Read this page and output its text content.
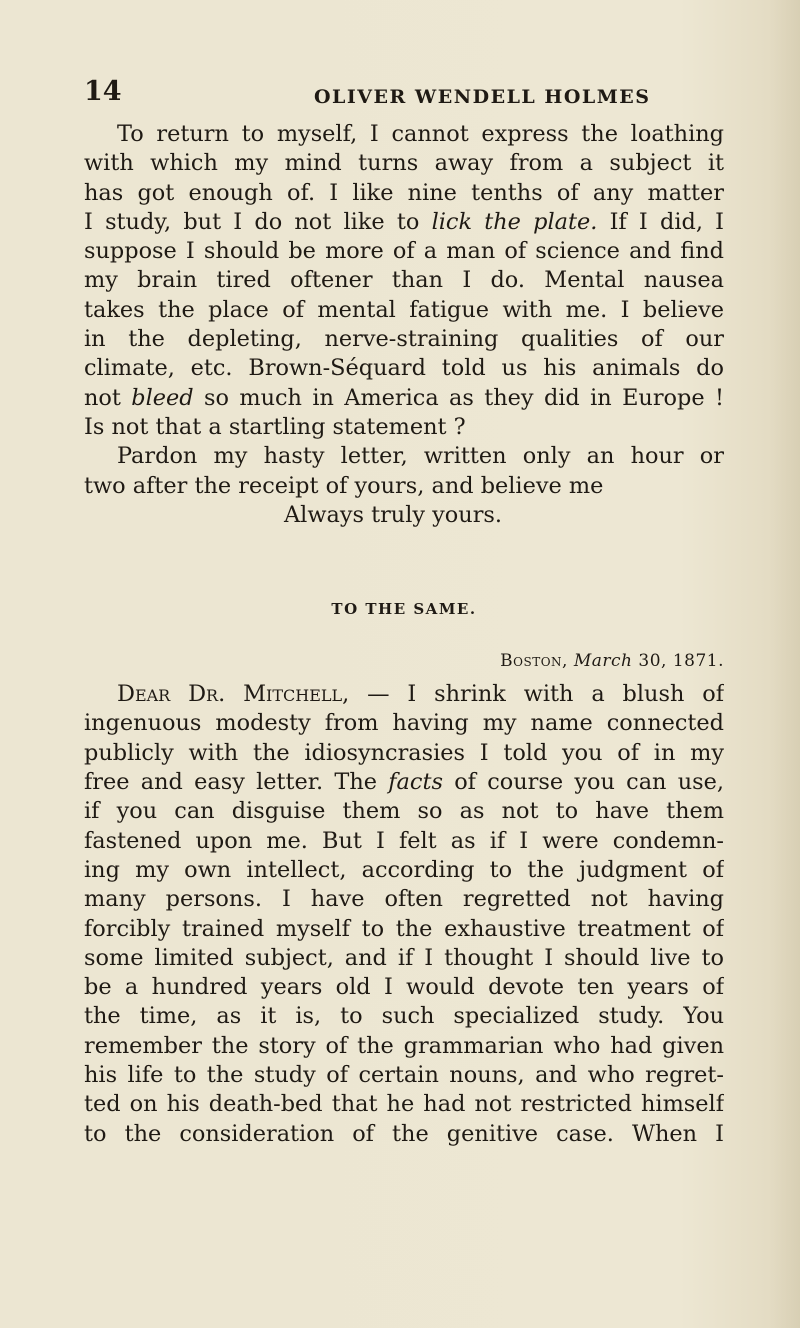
14	OLIVER WENDELL HOLMES
To return to myself, I cannot express the loathing
with which my mind turns away from a subject it
has got enough of. I like nine tenths of any matter
I study, but I do not like to lick the plate. If I did, I
suppose I should be more of a man of science and find
my brain tired oftener than I do. Mental nausea
takes the place of mental fatigue with me. I believe
in the depleting, nerve-straining qualities of our
climate, etc. Brown-Séquard told us his animals do
not bleed so much in America as they did in Europe !
Is not that a startling statement ?
Pardon my hasty letter, written only an hour or
two after the receipt of yours, and believe me
Always truly yours.
TO THE SAME.
Boston, March 30, 1871.
Dear Dr. Mitchell, — I shrink with a blush of
ingenuous modesty from having my name connected
publicly with the idiosyncrasies I told you of in my
free and easy letter. The facts of course you can use,
if you can disguise them so as not to have them
fastened upon me. But I felt as if I were condemn-
ing my own intellect, according to the judgment of
many persons. I have often regretted not having
forcibly trained myself to the exhaustive treatment of
some limited subject, and if I thought I should live to
be a hundred years old I would devote ten years of
the time, as it is, to such specialized study. You
remember the story of the grammarian who had given
his life to the study of certain nouns, and who regret-
ted on his death-bed that he had not restricted himself
to the consideration of the genitive case. When I
